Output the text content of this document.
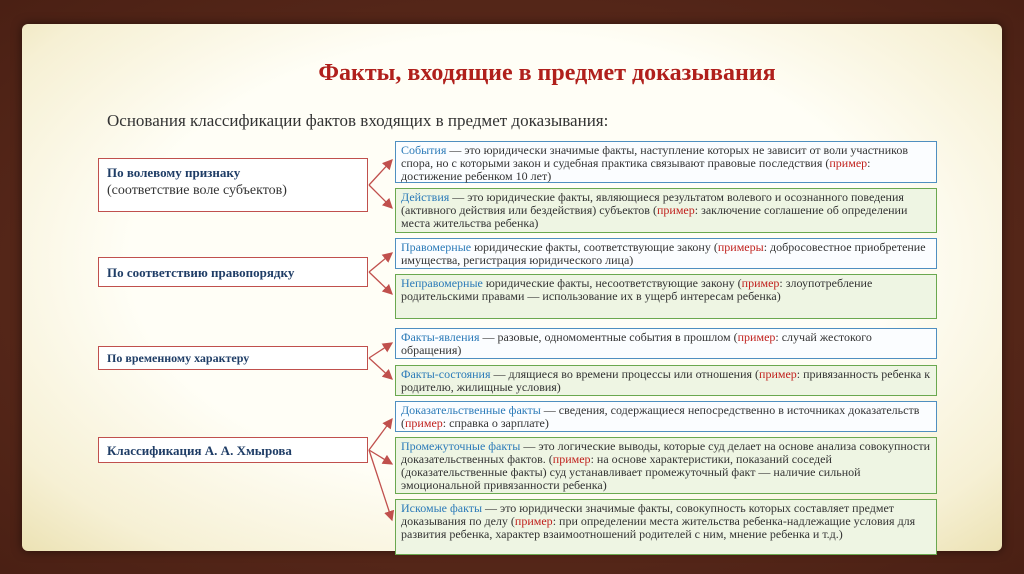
Факты, входящие в предмет доказывания
Основания классификации фактов входящих в предмет доказывания:
По волевому признаку
(соответствие воле субъектов)
По соответствию правопорядку
По временному характеру
Классификация А. А. Хмырова
События — это юридически значимые факты, наступление которых не зависит от воли участников спора, но с которыми закон и судебная практика связывают правовые последствия (пример: достижение ребенком 10 лет)
Действия — это юридические факты, являющиеся результатом волевого и осознанного поведения (активного действия или бездействия) субъектов (пример: заключение соглашение об определении места жительства ребенка)
Правомерные юридические факты, соответствующие закону (примеры: добросовестное приобретение имущества, регистрация юридического лица)
Неправомерные юридические факты, несоответствующие закону (пример: злоупотребление родительскими правами — использование их в ущерб интересам ребенка)
Факты-явления — разовые, одномоментные события в прошлом (пример: случай жестокого обращения)
Факты-состояния — длящиеся во времени процессы или отношения (пример: привязанность ребенка к родителю, жилищные условия)
Доказательственные факты — сведения, содержащиеся непосредственно в источниках доказательств (пример: справка о зарплате)
Промежуточные факты — это логические выводы, которые суд делает на основе анализа совокупности доказательственных фактов. (пример: на основе характеристики, показаний соседей (доказательственные факты) суд устанавливает промежуточный факт — наличие сильной эмоциональной привязанности ребенка)
Искомые факты — это юридически значимые факты, совокупность которых составляет предмет доказывания по делу (пример: при определении места жительства ребенка-надлежащие условия для развития ребенка, характер взаимоотношений родителей с ним, мнение ребенка и т.д.)
